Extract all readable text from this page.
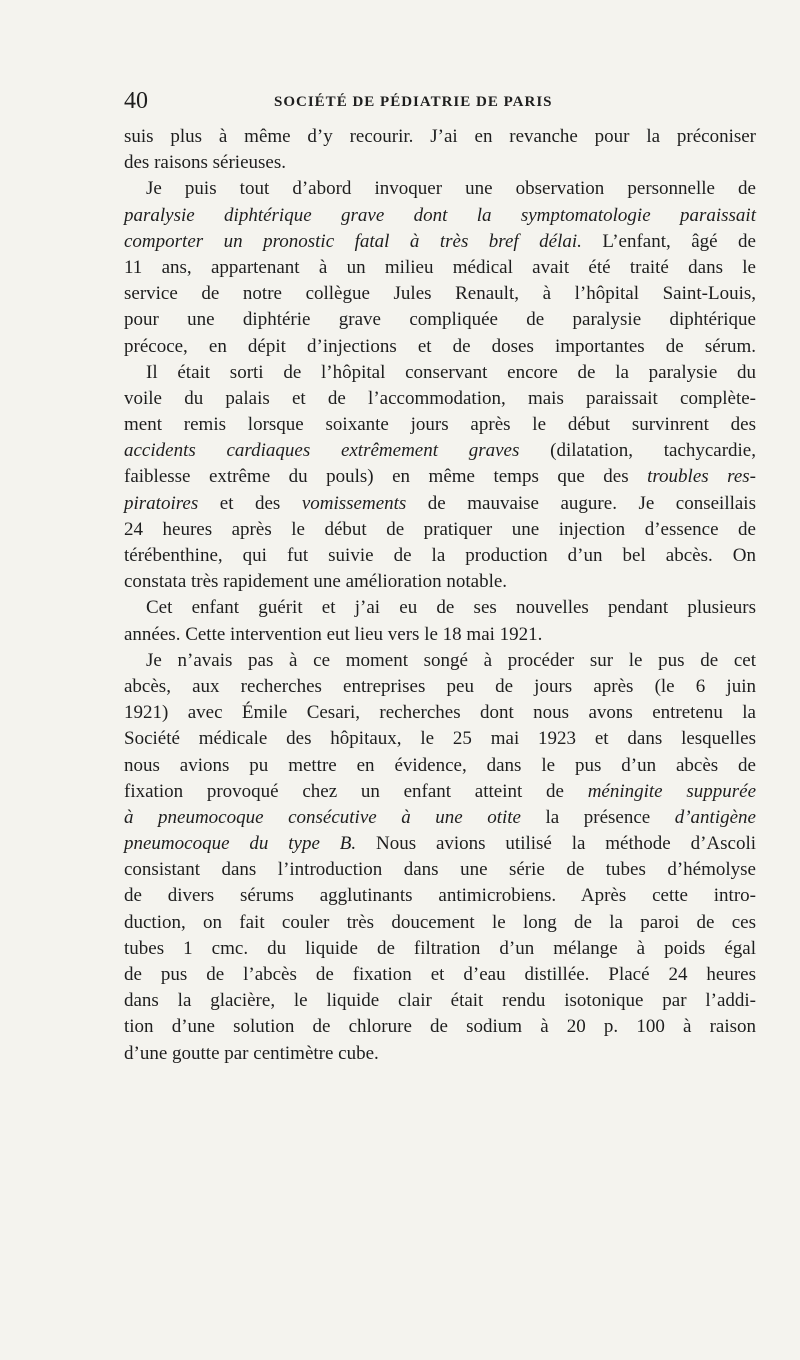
40	SOCIÉTÉ DE PÉDIATRIE DE PARIS
suis plus à même d’y recourir. J’ai en revanche pour la préconiser
des raisons sérieuses.
Je puis tout d’abord invoquer une observation personnelle de
paralysie diphtérique grave dont la symptomatologie paraissait
comporter un pronostic fatal à très bref délai. L’enfant, âgé de
11 ans, appartenant à un milieu médical avait été traité dans le
service de notre collègue Jules Renault, à l’hôpital Saint-Louis,
pour une diphtérie grave compliquée de paralysie diphtérique
précoce, en dépit d’injections et de doses importantes de sérum.
Il était sorti de l’hôpital conservant encore de la paralysie du
voile du palais et de l’accommodation, mais paraissait complète-
ment remis lorsque soixante jours après le début survinrent des
accidents cardiaques extrêmement graves (dilatation, tachycardie,
faiblesse extrême du pouls) en même temps que des troubles res-
piratoires et des vomissements de mauvaise augure. Je conseillais
24 heures après le début de pratiquer une injection d’essence de
térébenthine, qui fut suivie de la production d’un bel abcès. On
constata très rapidement une amélioration notable.
Cet enfant guérit et j’ai eu de ses nouvelles pendant plusieurs
années. Cette intervention eut lieu vers le 18 mai 1921.
Je n’avais pas à ce moment songé à procéder sur le pus de cet
abcès, aux recherches entreprises peu de jours après (le 6 juin
1921) avec Émile Cesari, recherches dont nous avons entretenu la
Société médicale des hôpitaux, le 25 mai 1923 et dans lesquelles
nous avions pu mettre en évidence, dans le pus d’un abcès de
fixation provoqué chez un enfant atteint de méningite suppurée
à pneumocoque consécutive à une otite la présence d’antigène
pneumocoque du type B. Nous avions utilisé la méthode d’Ascoli
consistant dans l’introduction dans une série de tubes d’hémolyse
de divers sérums agglutinants antimicrobiens. Après cette intro-
duction, on fait couler très doucement le long de la paroi de ces
tubes 1 cmc. du liquide de filtration d’un mélange à poids égal
de pus de l’abcès de fixation et d’eau distillée. Placé 24 heures
dans la glacière, le liquide clair était rendu isotonique par l’addi-
tion d’une solution de chlorure de sodium à 20 p. 100 à raison
d’une goutte par centimètre cube.
